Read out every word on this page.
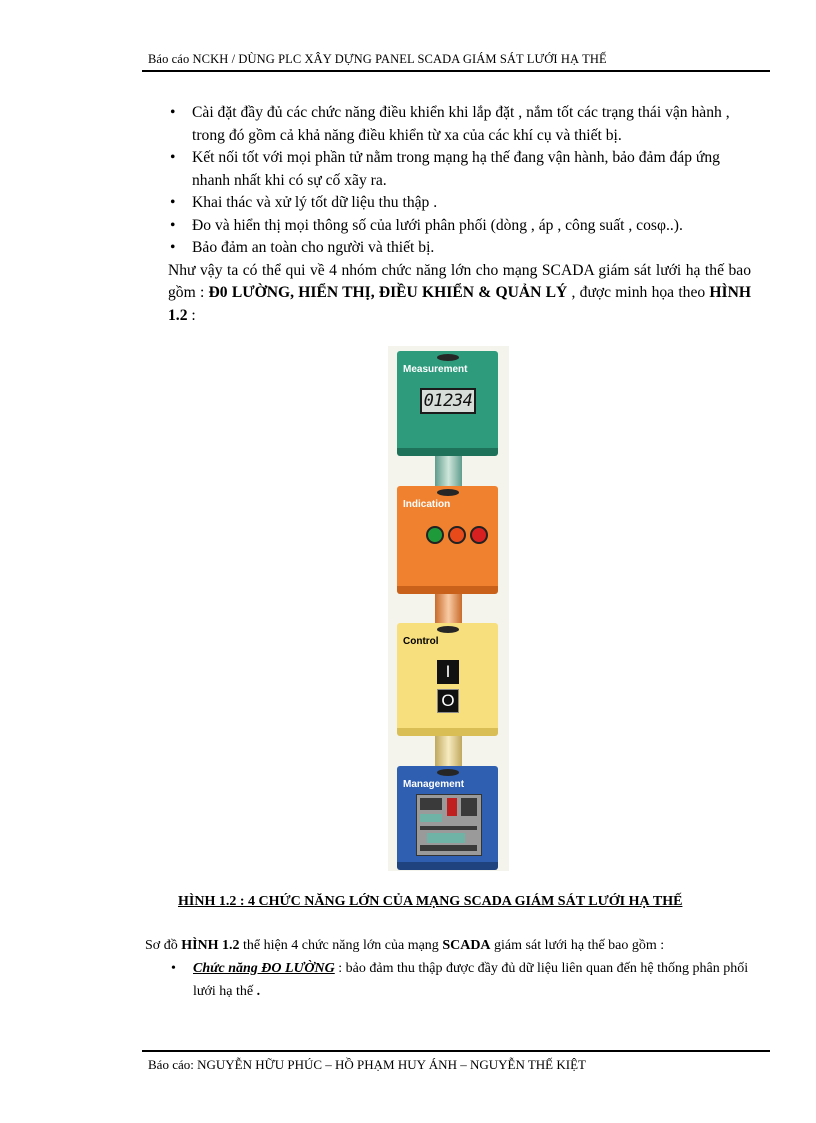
Báo cáo NCKH / DÙNG PLC XÂY DỰNG PANEL SCADA GIÁM SÁT LƯỚI HẠ THẾ
• Cài đặt đầy đủ các chức năng điều khiển khi lắp đặt , nắm tốt các trạng thái vận hành , trong đó gồm cả khả năng điều khiển từ xa của các khí cụ và thiết bị.
• Kết nối tốt với mọi phần tử nằm trong mạng hạ thế đang vận hành, bảo đảm đáp ứng nhanh nhất khi có sự cố xãy ra.
• Khai thác và xử lý tốt dữ liệu thu thập .
• Đo và hiển thị mọi thông số của lưới phân phối (dòng , áp , công suất , cosφ..).
• Bảo đảm an toàn cho người và thiết bị.

Như vậy ta có thể qui về 4 nhóm chức năng lớn cho mạng SCADA giám sát lưới hạ thế bao gồm : Đ0 LƯỜNG, HIỂN THỊ, ĐIỀU KHIỂN & QUẢN LÝ , được minh họa theo HÌNH 1.2 :

Measurement
01234
Indication
Control
I
O
Management
HÌNH 1.2 : 4 CHỨC NĂNG LỚN CỦA MẠNG SCADA GIÁM SÁT LƯỚI HẠ THẾ
Sơ đồ HÌNH 1.2 thể hiện 4 chức năng lớn của mạng SCADA giám sát lưới hạ thế bao gồm :
• Chức năng ĐO LƯỜNG : bảo đảm thu thập được đầy đủ dữ liệu liên quan đến hệ thống phân phối lưới hạ thế .
Báo cáo: NGUYỄN HỮU PHÚC – HỒ PHẠM HUY ÁNH – NGUYỄN THẾ KIỆT
